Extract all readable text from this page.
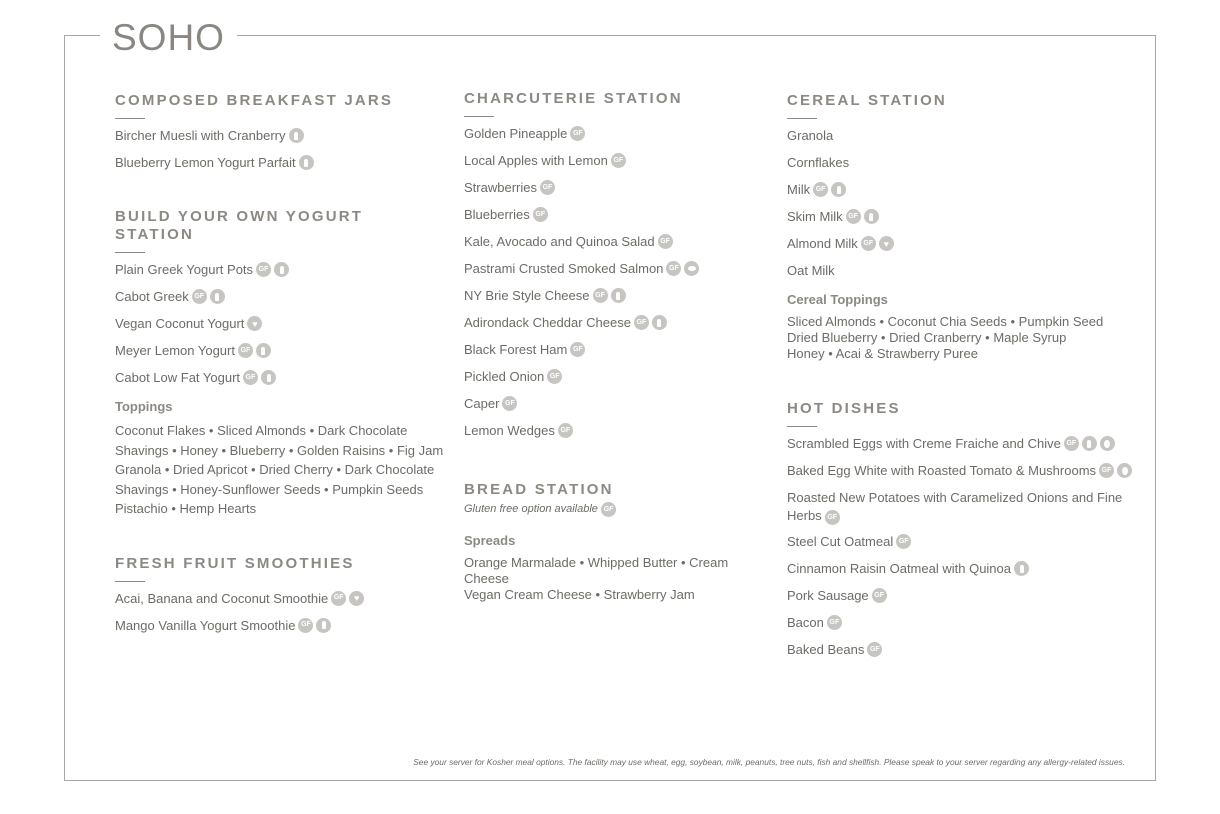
SOHO
COMPOSED BREAKFAST JARS
Bircher Muesli with Cranberry
Blueberry Lemon Yogurt Parfait
BUILD YOUR OWN YOGURT STATION
Plain Greek Yogurt Pots GF
Cabot Greek GF
Vegan Coconut Yogurt
♥
Meyer Lemon Yogurt GF
Cabot Low Fat Yogurt GF
Toppings
Coconut Flakes • Sliced Almonds • Dark Chocolate
Shavings • Honey • Blueberry • Golden Raisins • Fig Jam
Granola • Dried Apricot • Dried Cherry • Dark Chocolate
Shavings • Honey-Sunflower Seeds • Pumpkin Seeds
Pistachio • Hemp Hearts
FRESH FRUIT SMOOTHIES
Acai, Banana and Coconut Smoothie GF
♥
Mango Vanilla Yogurt Smoothie GF
CHARCUTERIE STATION
Golden Pineapple GF
Local Apples with Lemon GF
Strawberries GF
Blueberries GF
Kale, Avocado and Quinoa Salad GF
Pastrami Crusted Smoked Salmon GF
NY Brie Style Cheese GF
Adirondack Cheddar Cheese GF
Black Forest Ham GF
Pickled Onion GF
Caper GF
Lemon Wedges GF
BREAD STATION
Gluten free option available GF
Spreads
Orange Marmalade • Whipped Butter • Cream Cheese
Vegan Cream Cheese • Strawberry Jam
CEREAL STATION
Granola
Cornflakes
Milk GF
Skim Milk GF
Almond Milk GF
♥
Oat Milk
Cereal Toppings
Sliced Almonds • Coconut Chia Seeds • Pumpkin Seed
Dried Blueberry • Dried Cranberry • Maple Syrup
Honey • Acai & Strawberry Puree
HOT DISHES
Scrambled Eggs with Creme Fraiche and Chive GF
Baked Egg White with Roasted Tomato & Mushrooms GF
Roasted New Potatoes with Caramelized Onions and Fine Herbs GF
Steel Cut Oatmeal GF
Cinnamon Raisin Oatmeal with Quinoa
Pork Sausage GF
Bacon GF
Baked Beans GF
See your server for Kosher meal options. The facility may use wheat, egg, soybean, milk, peanuts, tree nuts, fish and shellfish. Please speak to your server regarding any allergy-related issues.
